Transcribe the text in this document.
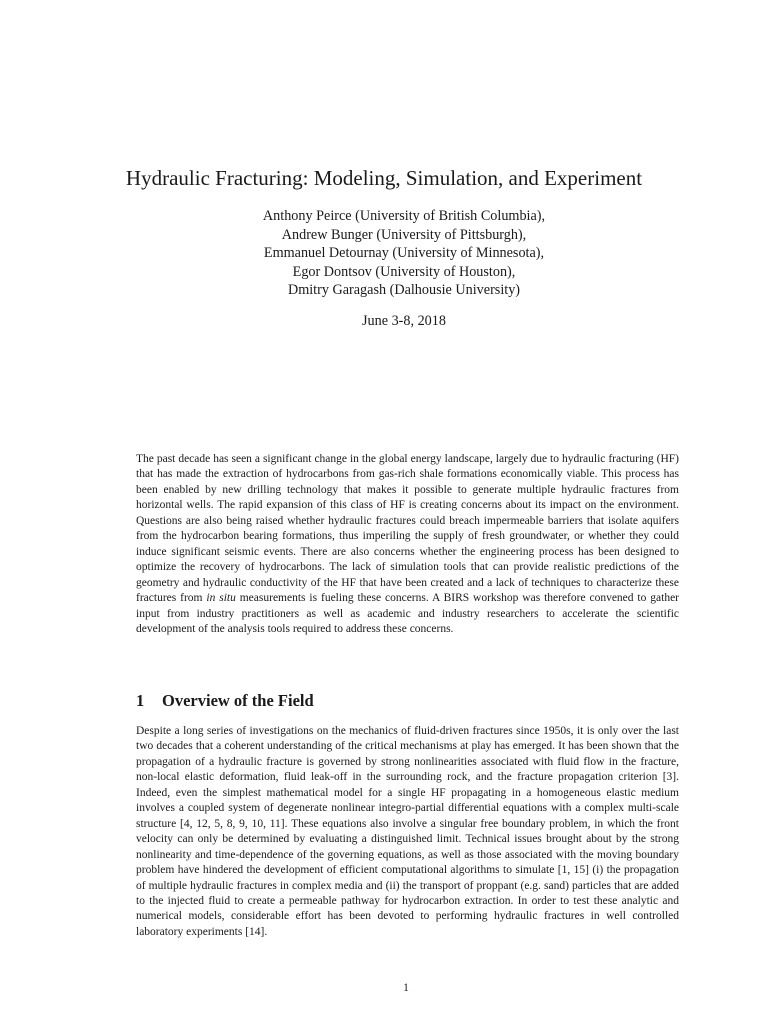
Hydraulic Fracturing: Modeling, Simulation, and Experiment
Anthony Peirce (University of British Columbia),
Andrew Bunger (University of Pittsburgh),
Emmanuel Detournay (University of Minnesota),
Egor Dontsov (University of Houston),
Dmitry Garagash (Dalhousie University)
June 3-8, 2018

The past decade has seen a significant change in the global energy landscape, largely due to hydraulic fracturing (HF) that has made the extraction of hydrocarbons from gas-rich shale formations economically viable. This process has been enabled by new drilling technology that makes it possible to generate multiple hydraulic fractures from horizontal wells. The rapid expansion of this class of HF is creating concerns about its impact on the environment. Questions are also being raised whether hydraulic fractures could breach impermeable barriers that isolate aquifers from the hydrocarbon bearing formations, thus imperiling the supply of fresh groundwater, or whether they could induce significant seismic events. There are also concerns whether the engineering process has been designed to optimize the recovery of hydrocarbons. The lack of simulation tools that can provide realistic predictions of the geometry and hydraulic conductivity of the HF that have been created and a lack of techniques to characterize these fractures from in situ measurements is fueling these concerns. A BIRS workshop was therefore convened to gather input from industry practitioners as well as academic and industry researchers to accelerate the scientific development of the analysis tools required to address these concerns.

1 Overview of the Field

Despite a long series of investigations on the mechanics of fluid-driven fractures since 1950s, it is only over the last two decades that a coherent understanding of the critical mechanisms at play has emerged. It has been shown that the propagation of a hydraulic fracture is governed by strong nonlinearities associated with fluid flow in the fracture, non-local elastic deformation, fluid leak-off in the surrounding rock, and the fracture propagation criterion [3]. Indeed, even the simplest mathematical model for a single HF propagating in a homogeneous elastic medium involves a coupled system of degenerate nonlinear integro-partial differential equations with a complex multi-scale structure [4, 12, 5, 8, 9, 10, 11]. These equations also involve a singular free boundary problem, in which the front velocity can only be determined by evaluating a distinguished limit. Technical issues brought about by the strong nonlinearity and time-dependence of the governing equations, as well as those associated with the moving boundary problem have hindered the development of efficient computational algorithms to simulate [1, 15] (i) the propagation of multiple hydraulic fractures in complex media and (ii) the transport of proppant (e.g. sand) particles that are added to the injected fluid to create a permeable pathway for hydrocarbon extraction. In order to test these analytic and numerical models, considerable effort has been devoted to performing hydraulic fractures in well controlled laboratory experiments [14].

1
